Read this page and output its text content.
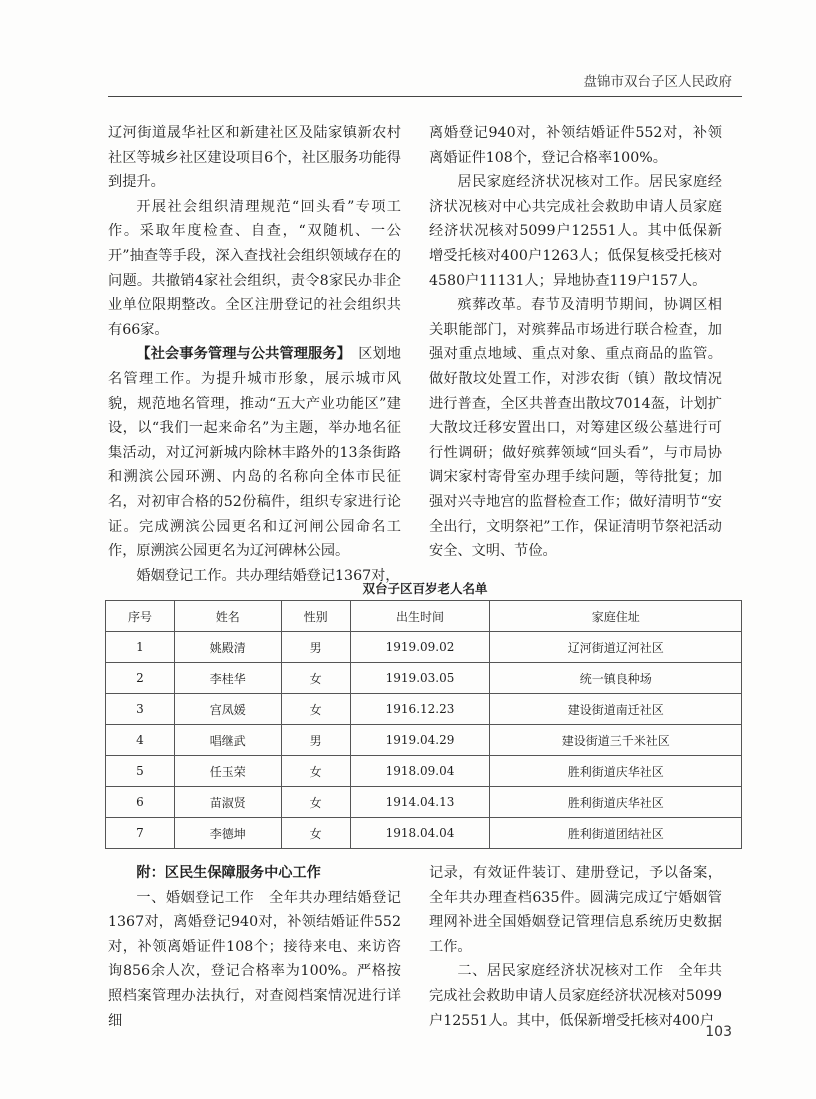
盘锦市双台子区人民政府

辽河街道晟华社区和新建社区及陆家镇新农村社区等城乡社区建设项目6个，社区服务功能得到提升。

开展社会组织清理规范“回头看”专项工作。采取年度检查、自查，“双随机、一公开”抽查等手段，深入查找社会组织领域存在的问题。共撤销4家社会组织，责令8家民办非企业单位限期整改。全区注册登记的社会组织共有66家。

【社会事务管理与公共管理服务】　 区划地名管理工作。为提升城市形象，展示城市风貌，规范地名管理，推动“五大产业功能区”建设，以“我们一起来命名”为主题，举办地名征集活动，对辽河新城内除林丰路外的13条街路和溯滨公园环溯、内岛的名称向全体市民征名，对初审合格的52份稿件，组织专家进行论证。完成溯滨公园更名和辽河闸公园命名工作，原溯滨公园更名为辽河碑林公园。

婚姻登记工作。共办理结婚登记1367对，

离婚登记940对，补领结婚证件552对，补领离婚证件108个，登记合格率100%。

居民家庭经济状况核对工作。居民家庭经济状况核对中心共完成社会救助申请人员家庭经济状况核对5099户12551人。其中低保新增受托核对400户1263人；低保复核受托核对4580户11131人；异地协查119户157人。

殡葬改革。春节及清明节期间，协调区相关职能部门，对殡葬品市场进行联合检查，加强对重点地域、重点对象、重点商品的监管。做好散坟处置工作，对涉农街（镇）散坟情况进行普查，全区共普查出散坟7014盔，计划扩大散坟迁移安置出口，对筹建区级公墓进行可行性调研；做好殡葬领域“回头看”，与市局协调宋家村寄骨室办理手续问题，等待批复；加强对兴寺地宫的监督检查工作；做好清明节“安全出行，文明祭祀”工作，保证清明节祭祀活动安全、文明、节俭。

双台子区百岁老人名单
序号	姓名	性别	出生时间	家庭住址
1	姚殿清	男	1919.09.02	辽河街道辽河社区
2	李桂华	女	1919.03.05	统一镇良种场
3	宫凤媛	女	1916.12.23	建设街道南迁社区
4	唱继武	男	1919.04.29	建设街道三千米社区
5	任玉荣	女	1918.09.04	胜利街道庆华社区
6	苗淑贤	女	1914.04.13	胜利街道庆华社区
7	李德坤	女	1918.04.04	胜利街道团结社区

附：区民生保障服务中心工作

一、婚姻登记工作　全年共办理结婚登记1367对，离婚登记940对，补领结婚证件552对，补领离婚证件108个；接待来电、来访咨询856余人次，登记合格率为100%。严格按照档案管理办法执行，对查阅档案情况进行详细

记录，有效证件装订、建册登记，予以备案，全年共办理查档635件。圆满完成辽宁婚姻管理网补进全国婚姻登记管理信息系统历史数据工作。

二、居民家庭经济状况核对工作　全年共完成社会救助申请人员家庭经济状况核对5099户12551人。其中，低保新增受托核对400户

103
